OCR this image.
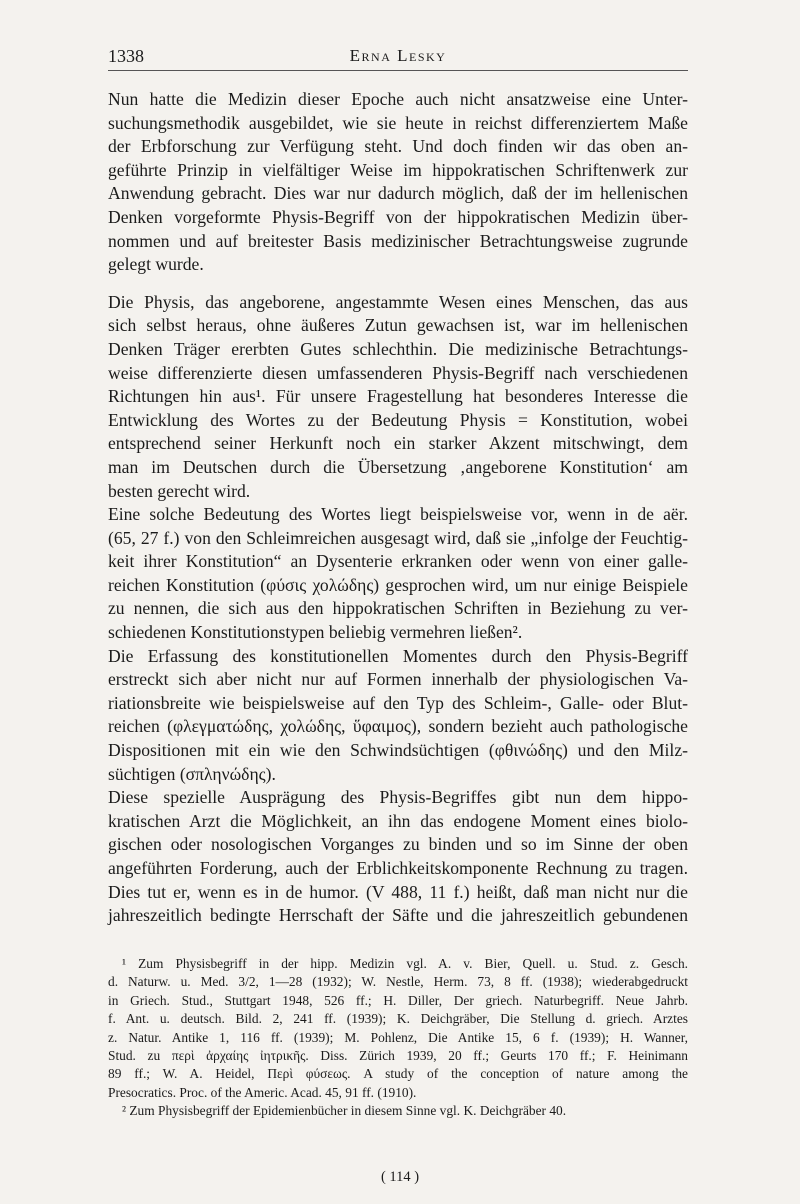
1338	Erna Lesky
Nun hatte die Medizin dieser Epoche auch nicht ansatzweise eine Unter-
suchungsmethodik ausgebildet, wie sie heute in reichst differenziertem Maße
der Erbforschung zur Verfügung steht. Und doch finden wir das oben an-
geführte Prinzip in vielfältiger Weise im hippokratischen Schriftenwerk zur
Anwendung gebracht. Dies war nur dadurch möglich, daß der im hellenischen
Denken vorgeformte Physis-Begriff von der hippokratischen Medizin über-
nommen und auf breitester Basis medizinischer Betrachtungsweise zugrunde
gelegt wurde.
Die Physis, das angeborene, angestammte Wesen eines Menschen, das aus
sich selbst heraus, ohne äußeres Zutun gewachsen ist, war im hellenischen
Denken Träger ererbten Gutes schlechthin. Die medizinische Betrachtungs-
weise differenzierte diesen umfassenderen Physis-Begriff nach verschiedenen
Richtungen hin aus¹. Für unsere Fragestellung hat besonderes Interesse die
Entwicklung des Wortes zu der Bedeutung Physis = Konstitution, wobei
entsprechend seiner Herkunft noch ein starker Akzent mitschwingt, dem
man im Deutschen durch die Übersetzung ‚angeborene Konstitution‘ am
besten gerecht wird.
Eine solche Bedeutung des Wortes liegt beispielsweise vor, wenn in de aër.
(65, 27 f.) von den Schleimreichen ausgesagt wird, daß sie „infolge der Feuchtig-
keit ihrer Konstitution“ an Dysenterie erkranken oder wenn von einer galle-
reichen Konstitution (φύσις χολώδης) gesprochen wird, um nur einige Beispiele
zu nennen, die sich aus den hippokratischen Schriften in Beziehung zu ver-
schiedenen Konstitutionstypen beliebig vermehren ließen².
Die Erfassung des konstitutionellen Momentes durch den Physis-Begriff
erstreckt sich aber nicht nur auf Formen innerhalb der physiologischen Va-
riationsbreite wie beispielsweise auf den Typ des Schleim-, Galle- oder Blut-
reichen (φλεγματώδης, χολώδης, ὕφαιμος), sondern bezieht auch pathologische
Dispositionen mit ein wie den Schwindsüchtigen (φθινώδης) und den Milz-
süchtigen (σπληνώδης).
Diese spezielle Ausprägung des Physis-Begriffes gibt nun dem hippo-
kratischen Arzt die Möglichkeit, an ihn das endogene Moment eines biolo-
gischen oder nosologischen Vorganges zu binden und so im Sinne der oben
angeführten Forderung, auch der Erblichkeitskomponente Rechnung zu tragen.
Dies tut er, wenn es in de humor. (V 488, 11 f.) heißt, daß man nicht nur die
jahreszeitlich bedingte Herrschaft der Säfte und die jahreszeitlich gebundenen
¹ Zum Physisbegriff in der hipp. Medizin vgl. A. v. Bier, Quell. u. Stud. z. Gesch.
d. Naturw. u. Med. 3/2, 1—28 (1932); W. Nestle, Herm. 73, 8 ff. (1938); wiederabgedruckt
in Griech. Stud., Stuttgart 1948, 526 ff.; H. Diller, Der griech. Naturbegriff. Neue Jahrb.
f. Ant. u. deutsch. Bild. 2, 241 ff. (1939); K. Deichgräber, Die Stellung d. griech. Arztes
z. Natur. Antike 1, 116 ff. (1939); M. Pohlenz, Die Antike 15, 6 f. (1939); H. Wanner,
Stud. zu περὶ ἀρχαίης ἰητρικῆς. Diss. Zürich 1939, 20 ff.; Geurts 170 ff.; F. Heinimann
89 ff.; W. A. Heidel, Περὶ φύσεως. A study of the conception of nature among the
Presocratics. Proc. of the Americ. Acad. 45, 91 ff. (1910).
² Zum Physisbegriff der Epidemienbücher in diesem Sinne vgl. K. Deichgräber 40.
( 114 )
